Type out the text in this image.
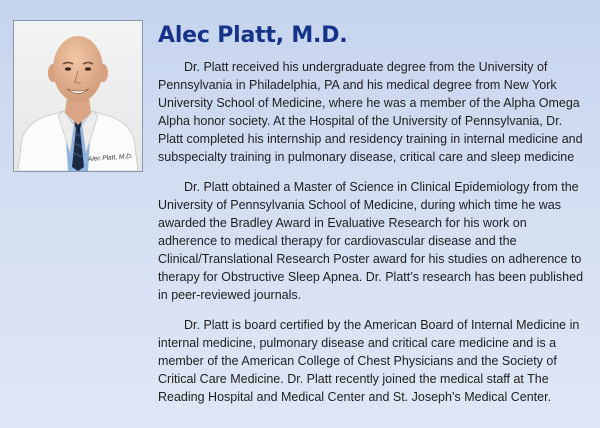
Alec Platt, M.D.
Alec Platt, M.D.

Dr. Platt received his undergraduate degree from the University of Pennsylvania in Philadelphia, PA and his medical degree from New York University School of Medicine, where he was a member of the Alpha Omega Alpha honor society. At the Hospital of the University of Pennsylvania, Dr. Platt completed his internship and residency training in internal medicine and subspecialty training in pulmonary disease, critical care and sleep medicine

Dr. Platt obtained a Master of Science in Clinical Epidemiology from the University of Pennsylvania School of Medicine, during which time he was awarded the Bradley Award in Evaluative Research for his work on adherence to medical therapy for cardiovascular disease and the Clinical/Translational Research Poster award for his studies on adherence to therapy for Obstructive Sleep Apnea. Dr. Platt’s research has been published in peer-reviewed journals.

Dr. Platt is board certified by the American Board of Internal Medicine in internal medicine, pulmonary disease and critical care medicine and is a member of the American College of Chest Physicians and the Society of Critical Care Medicine. Dr. Platt recently joined the medical staff at The Reading Hospital and Medical Center and St. Joseph’s Medical Center.
